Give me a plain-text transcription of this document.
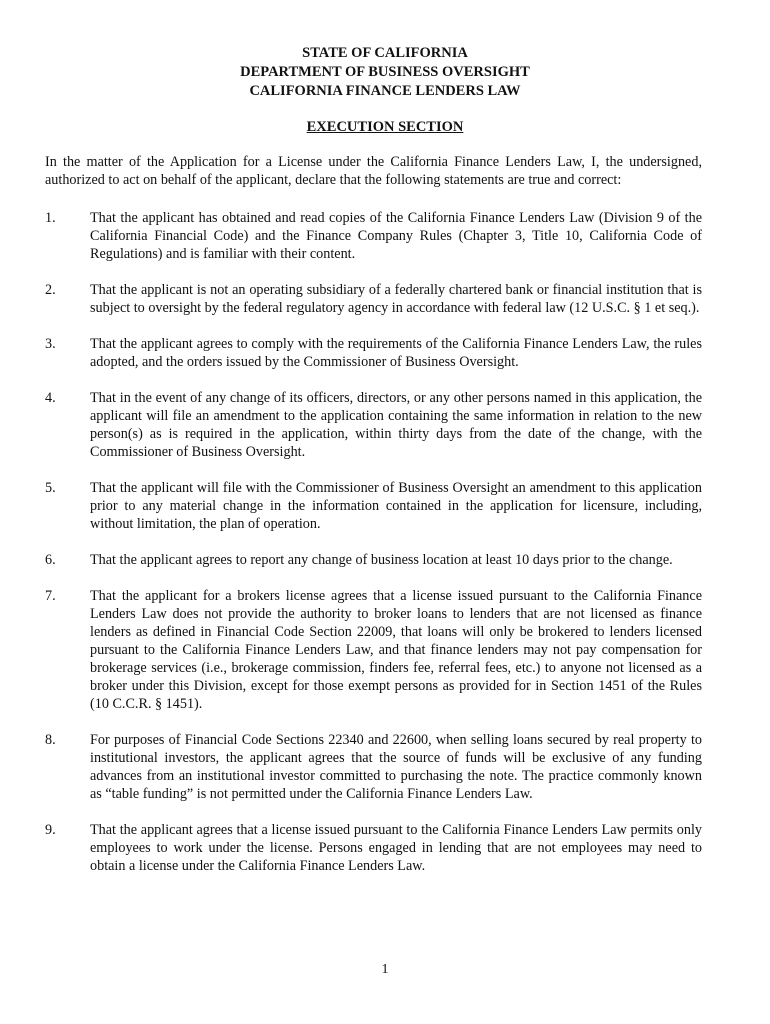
STATE OF CALIFORNIA
DEPARTMENT OF BUSINESS OVERSIGHT
CALIFORNIA FINANCE LENDERS LAW
EXECUTION SECTION
In the matter of the Application for a License under the California Finance Lenders Law, I, the undersigned, authorized to act on behalf of the applicant, declare that the following statements are true and correct:
1.	That the applicant has obtained and read copies of the California Finance Lenders Law (Division 9 of the California Financial Code) and the Finance Company Rules (Chapter 3, Title 10, California Code of Regulations) and is familiar with their content.
2.	That the applicant is not an operating subsidiary of a federally chartered bank or financial institution that is subject to oversight by the federal regulatory agency in accordance with federal law (12 U.S.C. § 1 et seq.).
3.	That the applicant agrees to comply with the requirements of the California Finance Lenders Law, the rules adopted, and the orders issued by the Commissioner of Business Oversight.
4.	That in the event of any change of its officers, directors, or any other persons named in this application, the applicant will file an amendment to the application containing the same information in relation to the new person(s) as is required in the application, within thirty days from the date of the change, with the Commissioner of Business Oversight.
5.	That the applicant will file with the Commissioner of Business Oversight an amendment to this application prior to any material change in the information contained in the application for licensure, including, without limitation, the plan of operation.
6.	That the applicant agrees to report any change of business location at least 10 days prior to the change.
7.	That the applicant for a brokers license agrees that a license issued pursuant to the California Finance Lenders Law does not provide the authority to broker loans to lenders that are not licensed as finance lenders as defined in Financial Code Section 22009, that loans will only be brokered to lenders licensed pursuant to the California Finance Lenders Law, and that finance lenders may not pay compensation for brokerage services (i.e., brokerage commission, finders fee, referral fees, etc.) to anyone not licensed as a broker under this Division, except for those exempt persons as provided for in Section 1451 of the Rules (10 C.C.R. § 1451).
8.	For purposes of Financial Code Sections 22340 and 22600, when selling loans secured by real property to institutional investors, the applicant agrees that the source of funds will be exclusive of any funding advances from an institutional investor committed to purchasing the note. The practice commonly known as “table funding” is not permitted under the California Finance Lenders Law.
9.	That the applicant agrees that a license issued pursuant to the California Finance Lenders Law permits only employees to work under the license. Persons engaged in lending that are not employees may need to obtain a license under the California Finance Lenders Law.
1
